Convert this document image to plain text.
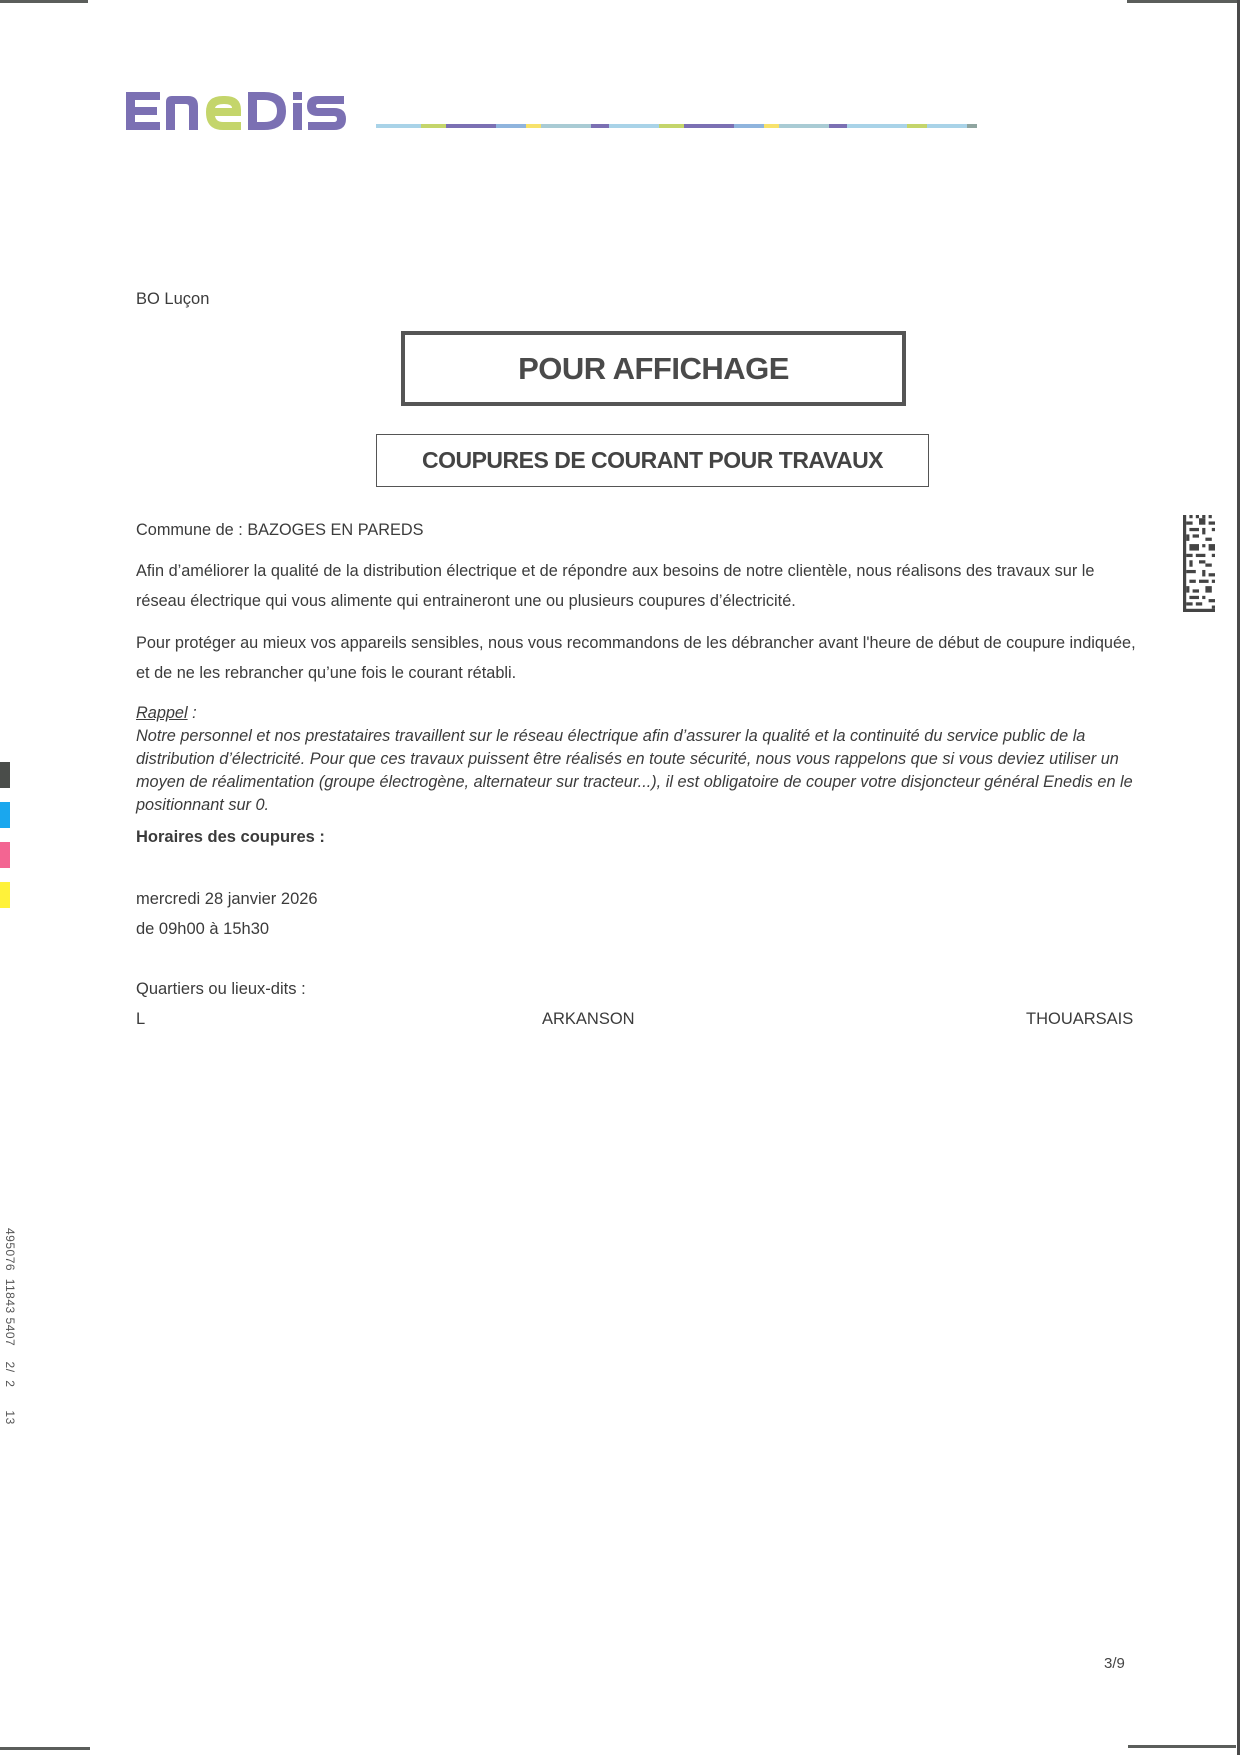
BO Luçon
POUR AFFICHAGE
COUPURES DE COURANT POUR TRAVAUX
Commune de : BAZOGES EN PAREDS
Afin d’améliorer la qualité de la distribution électrique et de répondre aux besoins de notre clientèle, nous réalisons des travaux sur le réseau électrique qui vous alimente qui entraineront une ou plusieurs coupures d’électricité.
Pour protéger au mieux vos appareils sensibles, nous vous recommandons de les débrancher avant l'heure de début de coupure indiquée, et de ne les rebrancher qu’une fois le courant rétabli.
Rappel :
Notre personnel et nos prestataires travaillent sur le réseau électrique afin d’assurer la qualité et la continuité du service public de la distribution d’électricité. Pour que ces travaux puissent être réalisés en toute sécurité, nous vous rappelons que si vous deviez utiliser un moyen de réalimentation (groupe électrogène, alternateur sur tracteur...), il est obligatoire de couper votre disjoncteur général Enedis en le positionnant sur 0.
Horaires des coupures :
mercredi 28 janvier 2026
de 09h00 à 15h30
Quartiers ou lieux-dits :
L	ARKANSON	THOUARSAIS
495076  11843 5407    2/  2      13
3/9
